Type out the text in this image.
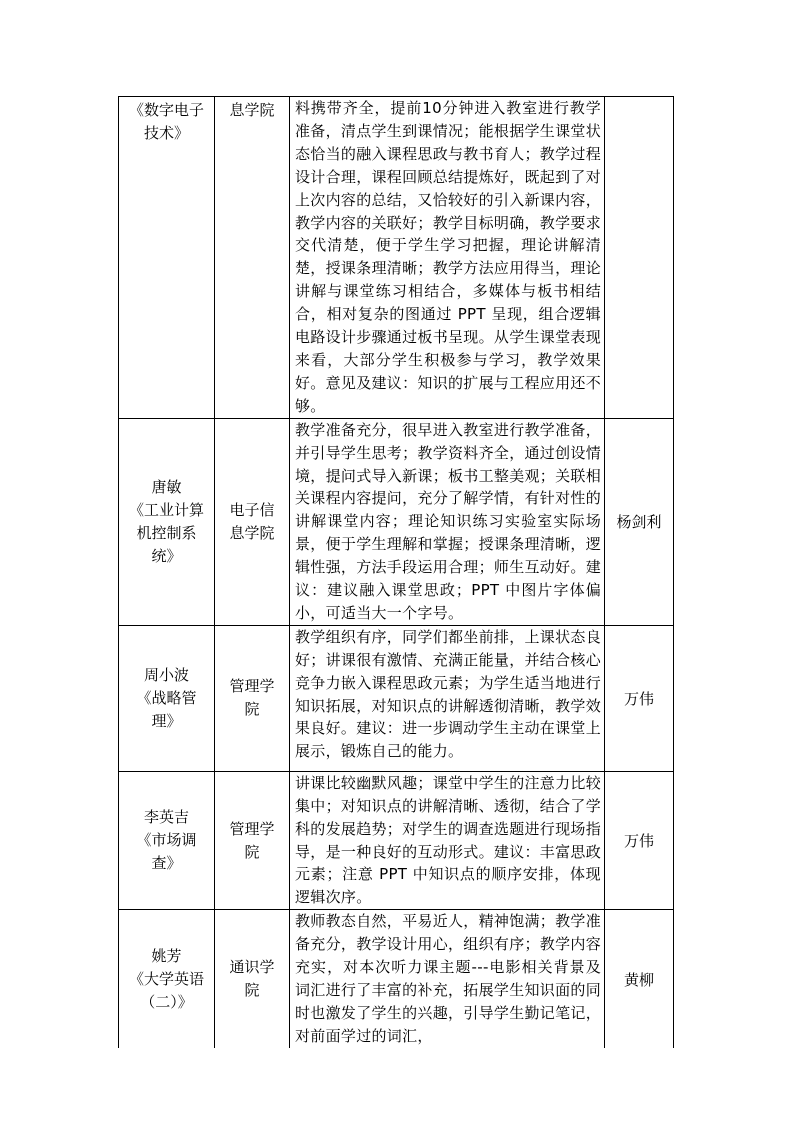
《数字电子
技术》	息学院	料携带齐全，提前10分钟进入教室进行教学准备，清点学生到课情况；能根据学生课堂状态恰当的融入课程思政与教书育人；教学过程设计合理，课程回顾总结提炼好，既起到了对上次内容的总结，又恰较好的引入新课内容，教学内容的关联好；教学目标明确，教学要求交代清楚，便于学生学习把握，理论讲解清楚，授课条理清晰；教学方法应用得当，理论讲解与课堂练习相结合，多媒体与板书相结合，相对复杂的图通过 PPT 呈现，组合逻辑电路设计步骤通过板书呈现。从学生课堂表现来看，大部分学生积极参与学习，教学效果好。意见及建议：知识的扩展与工程应用还不够。	

唐敏
《工业计算
机控制系
统》	电子信
息学院	教学准备充分，很早进入教室进行教学准备，并引导学生思考；教学资料齐全，通过创设情境，提问式导入新课；板书工整美观；关联相关课程内容提问，充分了解学情，有针对性的讲解课堂内容；理论知识练习实验室实际场景，便于学生理解和掌握；授课条理清晰，逻辑性强，方法手段运用合理；师生互动好。建议：建议融入课堂思政；PPT 中图片字体偏小，可适当大一个字号。	杨剑利

周小波
《战略管
理》	管理学
院	教学组织有序，同学们都坐前排，上课状态良好；讲课很有激情、充满正能量，并结合核心竞争力嵌入课程思政元素；为学生适当地进行知识拓展，对知识点的讲解透彻清晰，教学效果良好。建议：进一步调动学生主动在课堂上展示，锻炼自己的能力。	万伟

李英吉
《市场调
查》	管理学
院	讲课比较幽默风趣；课堂中学生的注意力比较集中；对知识点的讲解清晰、透彻，结合了学科的发展趋势；对学生的调查选题进行现场指导，是一种良好的互动形式。建议：丰富思政元素；注意 PPT 中知识点的顺序安排，体现逻辑次序。	万伟

姚芳
《大学英语
（二）》	通识学
院	教师教态自然，平易近人，精神饱满；教学准备充分，教学设计用心，组织有序；教学内容充实，对本次听力课主题---电影相关背景及词汇进行了丰富的补充，拓展学生知识面的同时也激发了学生的兴趣，引导学生勤记笔记，对前面学过的词汇，	黄柳
